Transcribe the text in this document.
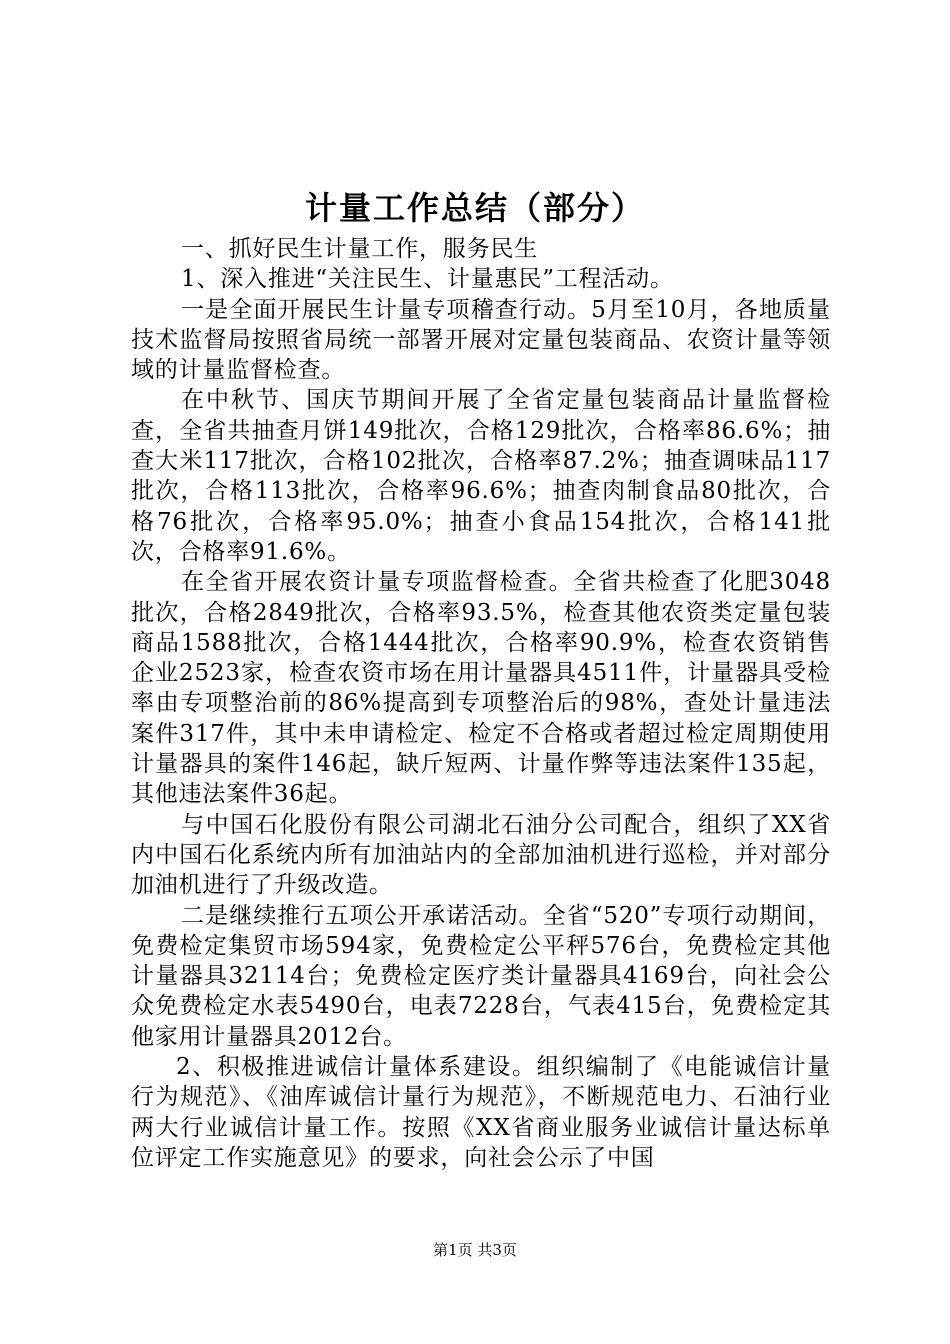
计量工作总结（部分）

一、抓好民生计量工作，服务民生

1、深入推进“关注民生、计量惠民”工程活动。

一是全面开展民生计量专项稽查行动。5月至10月，各地质量技术监督局按照省局统一部署开展对定量包装商品、农资计量等领域的计量监督检查。

在中秋节、国庆节期间开展了全省定量包装商品计量监督检查，全省共抽查月饼149批次，合格129批次，合格率86.6%；抽查大米117批次，合格102批次，合格率87.2%；抽查调味品117批次，合格113批次，合格率96.6%；抽查肉制食品80批次，合格76批次，合格率95.0%；抽查小食品154批次，合格141批次，合格率91.6%。

在全省开展农资计量专项监督检查。全省共检查了化肥3048批次，合格2849批次，合格率93.5%，检查其他农资类定量包装商品1588批次，合格1444批次，合格率90.9%，检查农资销售企业2523家，检查农资市场在用计量器具4511件，计量器具受检率由专项整治前的86%提高到专项整治后的98%，查处计量违法案件317件，其中未申请检定、检定不合格或者超过检定周期使用计量器具的案件146起，缺斤短两、计量作弊等违法案件135起，其他违法案件36起。

与中国石化股份有限公司湖北石油分公司配合，组织了XX省内中国石化系统内所有加油站内的全部加油机进行巡检，并对部分加油机进行了升级改造。

二是继续推行五项公开承诺活动。全省“520”专项行动期间，免费检定集贸市场594家，免费检定公平秤576台，免费检定其他计量器具32114台；免费检定医疗类计量器具4169台，向社会公众免费检定水表5490台，电表7228台，气表415台，免费检定其他家用计量器具2012台。

2、积极推进诚信计量体系建设。组织编制了《电能诚信计量行为规范》、《油库诚信计量行为规范》，不断规范电力、石油行业两大行业诚信计量工作。按照《XX省商业服务业诚信计量达标单位评定工作实施意见》的要求，向社会公示了中国

第1页 共3页
